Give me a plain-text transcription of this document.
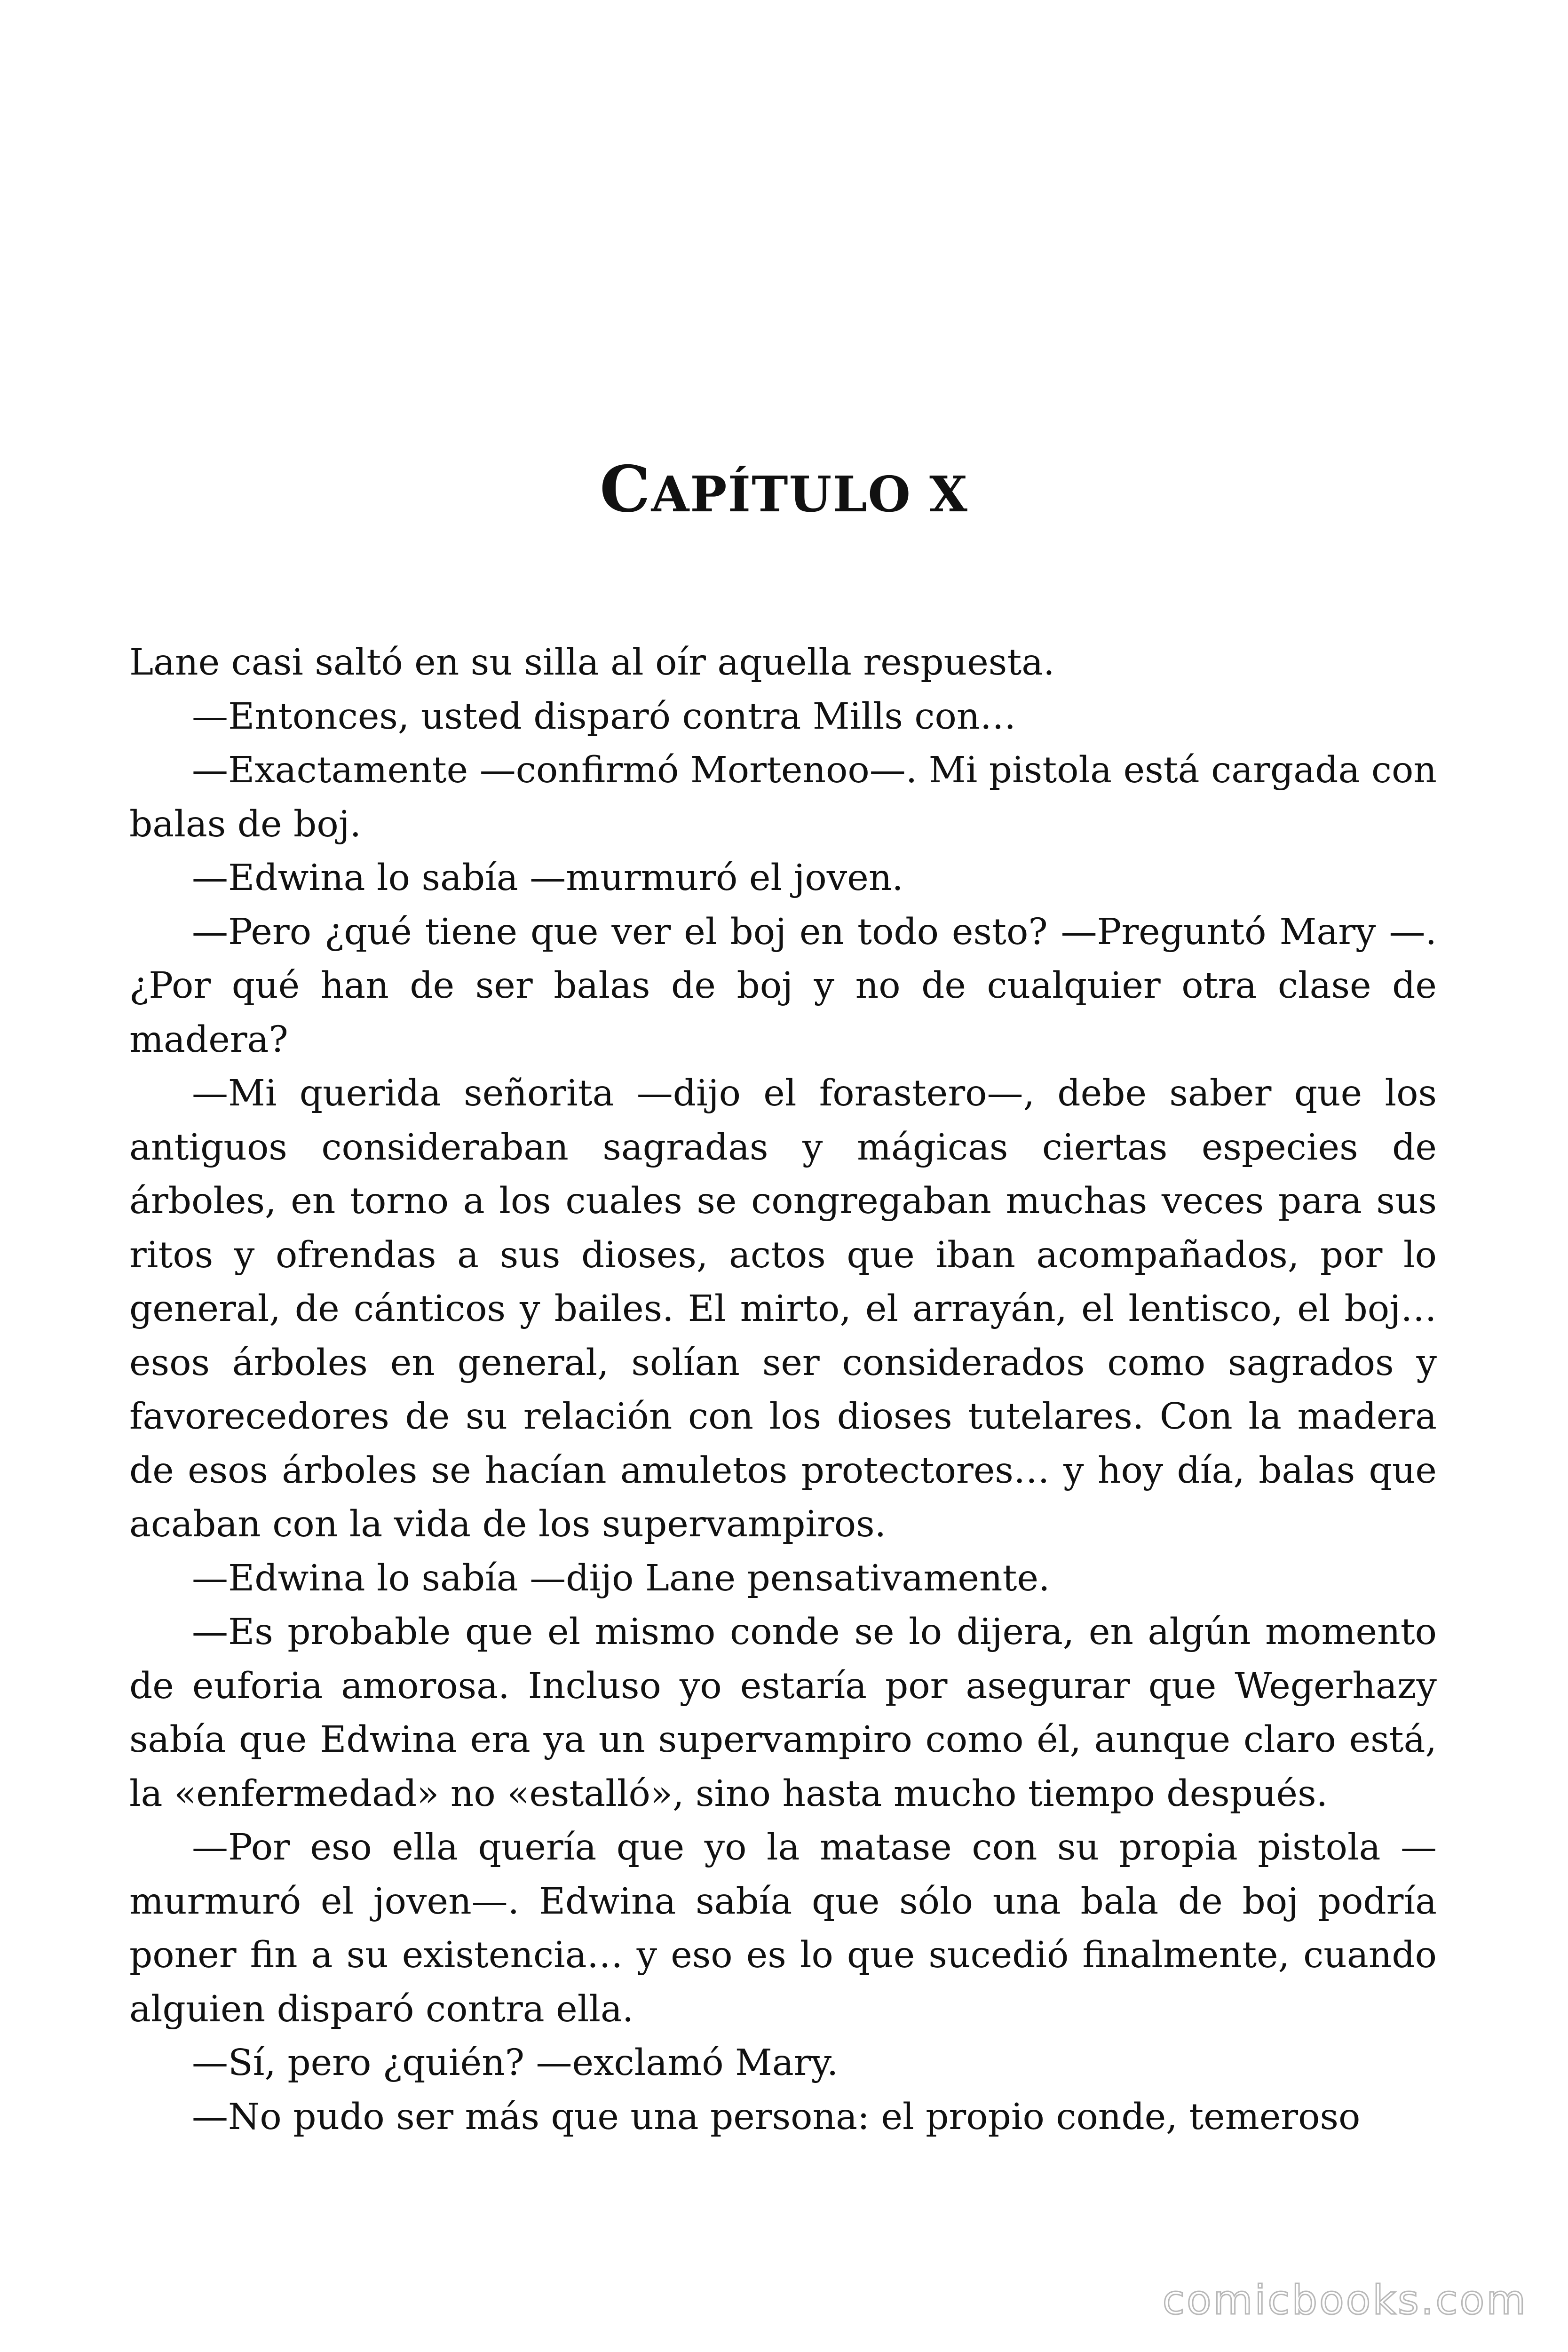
CAPÍTULO X

Lane casi saltó en su silla al oír aquella respuesta.

—Entonces, usted disparó contra Mills con…

—Exactamente —confirmó Mortenoo—. Mi pistola está cargada con balas de boj.

—Edwina lo sabía —murmuró el joven.

—Pero ¿qué tiene que ver el boj en todo esto? —Preguntó Mary —. ¿Por qué han de ser balas de boj y no de cualquier otra clase de madera?

—Mi querida señorita —dijo el forastero—, debe saber que los antiguos consideraban sagradas y mágicas ciertas especies de árboles, en torno a los cuales se congregaban muchas veces para sus ritos y ofrendas a sus dioses, actos que iban acompañados, por lo general, de cánticos y bailes. El mirto, el arrayán, el lentisco, el boj… esos árboles en general, solían ser considerados como sagrados y favorecedores de su relación con los dioses tutelares. Con la madera de esos árboles se hacían amuletos protectores… y hoy día, balas que acaban con la vida de los supervampiros.

—Edwina lo sabía —dijo Lane pensativamente.

—Es probable que el mismo conde se lo dijera, en algún momento de euforia amorosa. Incluso yo estaría por asegurar que Wegerhazy sabía que Edwina era ya un supervampiro como él, aunque claro está, la «enfermedad» no «estalló», sino hasta mucho tiempo después.

—Por eso ella quería que yo la matase con su propia pistola — murmuró el joven—. Edwina sabía que sólo una bala de boj podría poner fin a su existencia… y eso es lo que sucedió finalmente, cuando alguien disparó contra ella.

—Sí, pero ¿quién? —exclamó Mary.

—No pudo ser más que una persona: el propio conde, temeroso

comicbooks.com
